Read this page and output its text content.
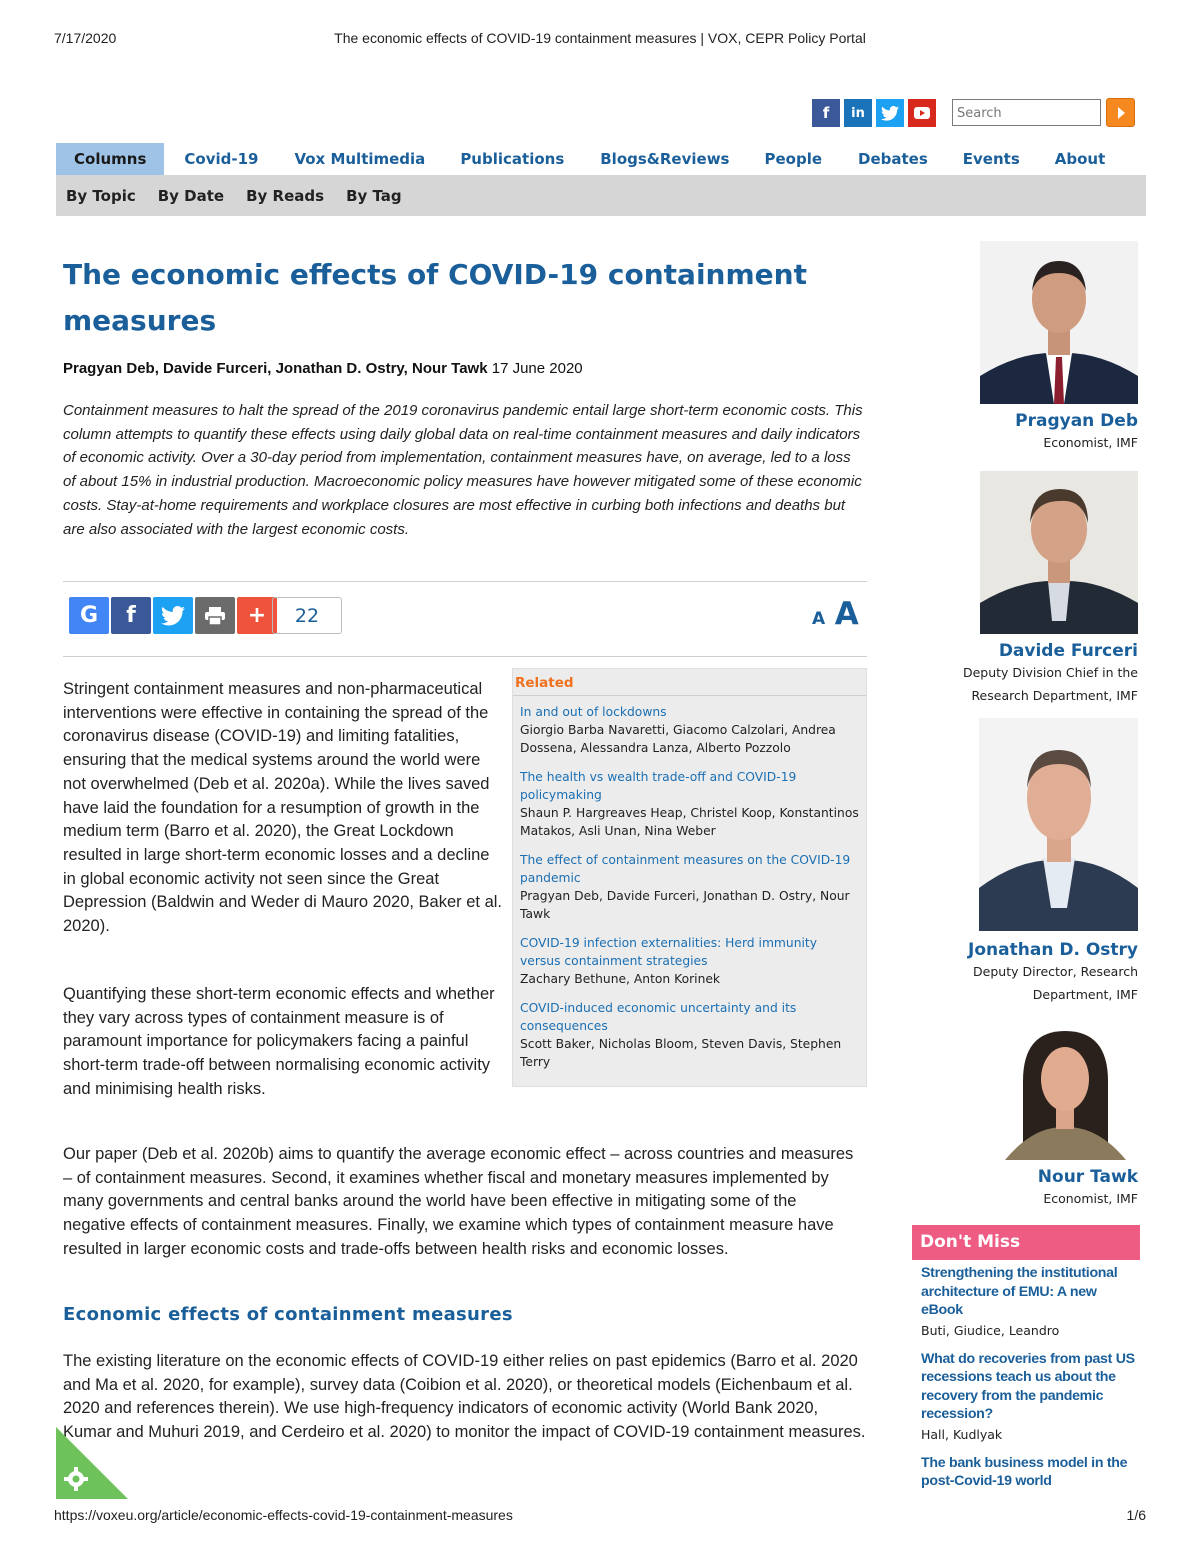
7/17/2020	The economic effects of COVID-19 containment measures | VOX, CEPR Policy Portal
f	in	Search
Columns	Covid-19 Vox Multimedia Publications Blogs&Reviews People Debates Events About
By Topic By Date By Reads By Tag
The economic effects of COVID-19 containment measures
Pragyan Deb, Davide Furceri, Jonathan D. Ostry, Nour Tawk 17 June 2020

Containment measures to halt the spread of the 2019 coronavirus pandemic entail large short-term economic costs. This column attempts to quantify these effects using daily global data on real-time containment measures and daily indicators of economic activity. Over a 30-day period from implementation, containment measures have, on average, led to a loss of about 15% in industrial production. Macroeconomic policy measures have however mitigated some of these economic costs. Stay-at-home requirements and workplace closures are most effective in curbing both infections and deaths but are also associated with the largest economic costs.

G	f	+	22	A A

Stringent containment measures and non-pharmaceutical interventions were effective in containing the spread of the coronavirus disease (COVID-19) and limiting fatalities, ensuring that the medical systems around the world were not overwhelmed (Deb et al. 2020a). While the lives saved have laid the foundation for a resumption of growth in the medium term (Barro et al. 2020), the Great Lockdown resulted in large short-term economic losses and a decline in global economic activity not seen since the Great Depression (Baldwin and Weder di Mauro 2020, Baker et al. 2020).

Quantifying these short-term economic effects and whether they vary across types of containment measure is of paramount importance for policymakers facing a painful short-term trade-off between normalising economic activity and minimising health risks.

Our paper (Deb et al. 2020b) aims to quantify the average economic effect – across countries and measures – of containment measures. Second, it examines whether fiscal and monetary measures implemented by many governments and central banks around the world have been effective in mitigating some of the negative effects of containment measures. Finally, we examine which types of containment measure have resulted in larger economic costs and trade-offs between health risks and economic losses.

Economic effects of containment measures

The existing literature on the economic effects of COVID-19 either relies on past epidemics (Barro et al. 2020 and Ma et al. 2020, for example), survey data (Coibion et al. 2020), or theoretical models (Eichenbaum et al. 2020 and references therein). We use high-frequency indicators of economic activity (World Bank 2020, Kumar and Muhuri 2019, and Cerdeiro et al. 2020) to monitor the impact of COVID-19 containment measures.

Related
In and out of lockdowns
Giorgio Barba Navaretti, Giacomo Calzolari, Andrea Dossena, Alessandra Lanza, Alberto Pozzolo
The health vs wealth trade-off and COVID-19 policymaking
Shaun P. Hargreaves Heap, Christel Koop, Konstantinos Matakos, Asli Unan, Nina Weber
The effect of containment measures on the COVID-19 pandemic
Pragyan Deb, Davide Furceri, Jonathan D. Ostry, Nour Tawk
COVID-19 infection externalities: Herd immunity versus containment strategies
Zachary Bethune, Anton Korinek
COVID-induced economic uncertainty and its consequences
Scott Baker, Nicholas Bloom, Steven Davis, Stephen Terry
Pragyan Deb
Economist, IMF
Davide Furceri
Deputy Division Chief in the Research Department, IMF
Jonathan D. Ostry
Deputy Director, Research Department, IMF
Nour Tawk
Economist, IMF
Don't Miss
Strengthening the institutional architecture of EMU: A new eBook
Buti, Giudice, Leandro
What do recoveries from past US recessions teach us about the recovery from the pandemic recession?
Hall, Kudlyak
The bank business model in the post-Covid-19 world
https://voxeu.org/article/economic-effects-covid-19-containment-measures	1/6
